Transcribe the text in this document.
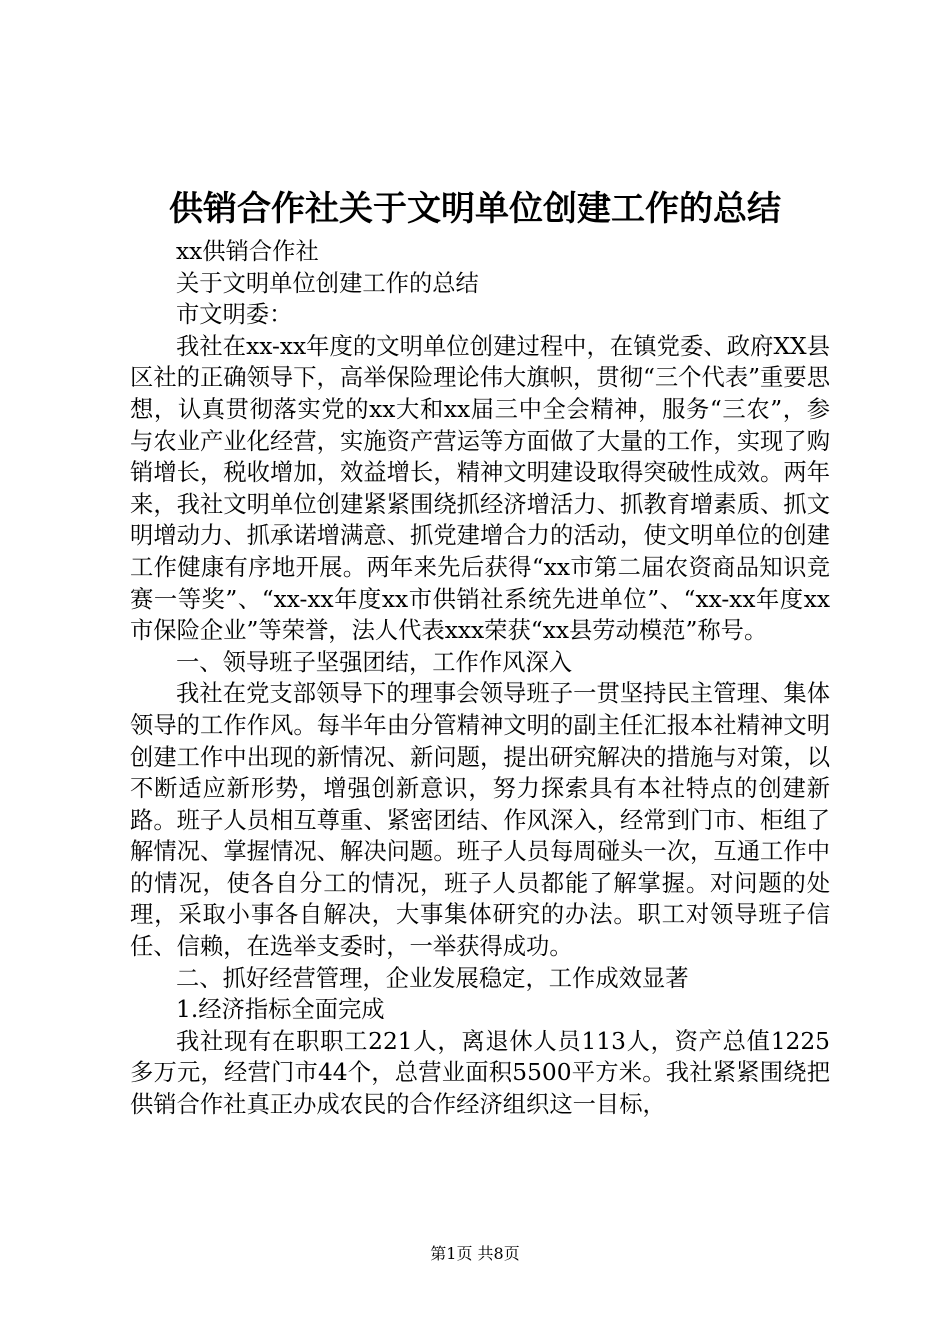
供销合作社关于文明单位创建工作的总结

xx供销合作社

关于文明单位创建工作的总结

市文明委：

我社在xx-xx年度的文明单位创建过程中，在镇党委、政府XX县区社的正确领导下，高举保险理论伟大旗帜，贯彻“三个代表”重要思想，认真贯彻落实党的xx大和xx届三中全会精神，服务“三农”，参与农业产业化经营，实施资产营运等方面做了大量的工作，实现了购销增长，税收增加，效益增长，精神文明建设取得突破性成效。两年来，我社文明单位创建紧紧围绕抓经济增活力、抓教育增素质、抓文明增动力、抓承诺增满意、抓党建增合力的活动，使文明单位的创建工作健康有序地开展。两年来先后获得“xx市第二届农资商品知识竞赛一等奖”、“xx-xx年度xx市供销社系统先进单位”、“xx-xx年度xx市保险企业”等荣誉，法人代表xxx荣获“xx县劳动模范”称号。

一、领导班子坚强团结，工作作风深入

我社在党支部领导下的理事会领导班子一贯坚持民主管理、集体领导的工作作风。每半年由分管精神文明的副主任汇报本社精神文明创建工作中出现的新情况、新问题，提出研究解决的措施与对策，以不断适应新形势，增强创新意识，努力探索具有本社特点的创建新路。班子人员相互尊重、紧密团结、作风深入，经常到门市、柜组了解情况、掌握情况、解决问题。班子人员每周碰头一次，互通工作中的情况，使各自分工的情况，班子人员都能了解掌握。对问题的处理，采取小事各自解决，大事集体研究的办法。职工对领导班子信任、信赖，在选举支委时，一举获得成功。

二、抓好经营管理，企业发展稳定，工作成效显著

1.经济指标全面完成

我社现有在职职工221人，离退休人员113人，资产总值1225多万元，经营门市44个，总营业面积5500平方米。我社紧紧围绕把供销合作社真正办成农民的合作经济组织这一目标，

第1页 共8页
